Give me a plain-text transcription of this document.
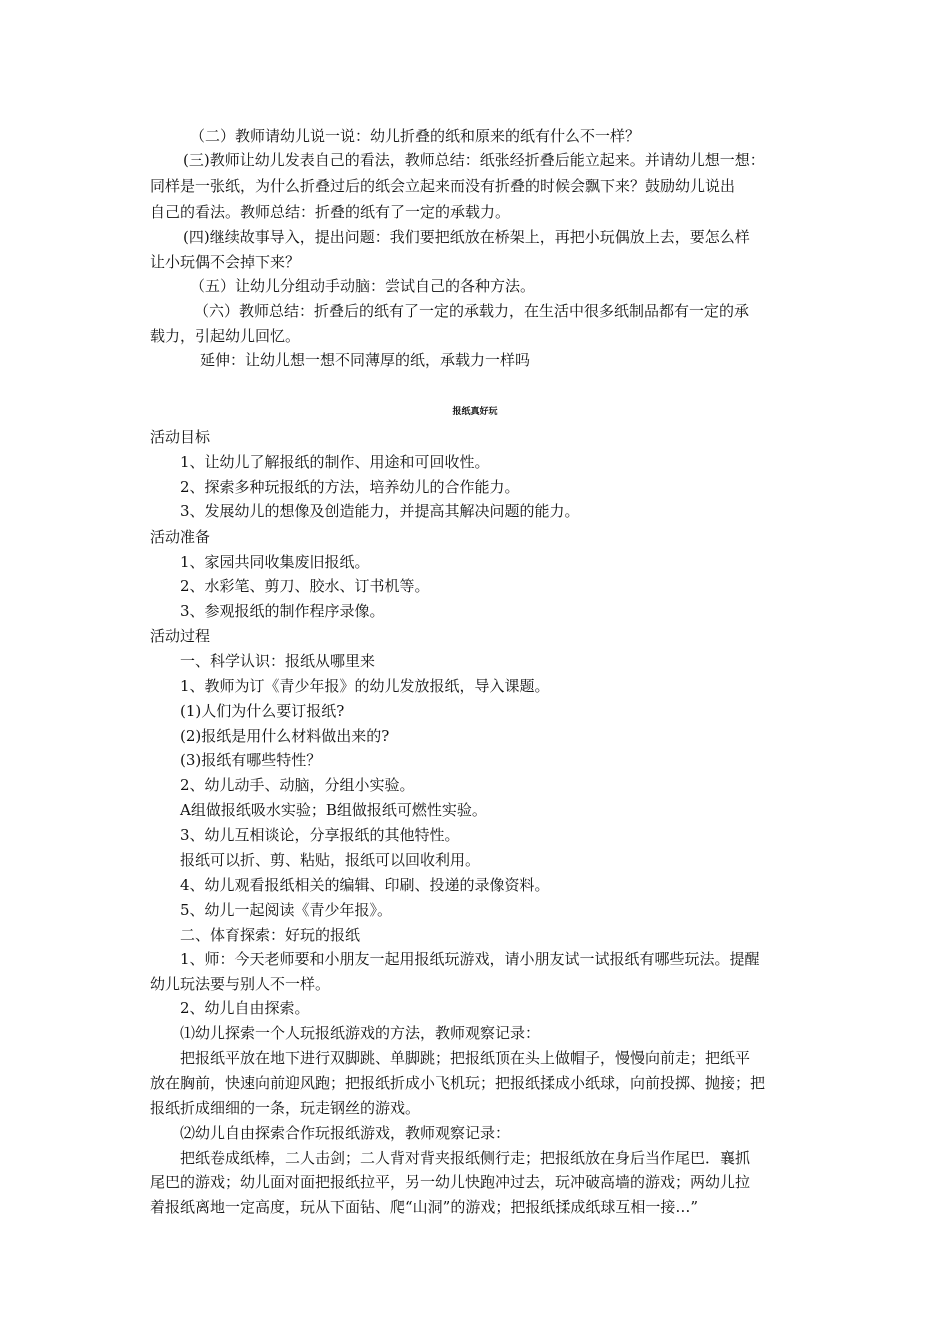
（二）教师请幼儿说一说：幼儿折叠的纸和原来的纸有什么不一样？
(三)教师让幼儿发表自己的看法，教师总结：纸张经折叠后能立起来。并请幼儿想一想：
同样是一张纸，为什么折叠过后的纸会立起来而没有折叠的时候会飘下来？鼓励幼儿说出
自己的看法。教师总结：折叠的纸有了一定的承载力。
(四)继续故事导入，提出问题：我们要把纸放在桥架上，再把小玩偶放上去，要怎么样
让小玩偶不会掉下来？
（五）让幼儿分组动手动脑：尝试自己的各种方法。
（六）教师总结：折叠后的纸有了一定的承载力，在生活中很多纸制品都有一定的承
载力，引起幼儿回忆。
延伸：让幼儿想一想不同薄厚的纸，承载力一样吗
报纸真好玩
活动目标
1、让幼儿了解报纸的制作、用途和可回收性。
2、探索多种玩报纸的方法，培养幼儿的合作能力。
3、发展幼儿的想像及创造能力，并提高其解决问题的能力。
活动准备
1、家园共同收集废旧报纸。
2、水彩笔、剪刀、胶水、订书机等。
3、参观报纸的制作程序录像。
活动过程
一、科学认识：报纸从哪里来
1、教师为订《青少年报》的幼儿发放报纸，导入课题。
(1)人们为什么要订报纸?
(2)报纸是用什么材料做出来的?
(3)报纸有哪些特性？
2、幼儿动手、动脑，分组小实验。
A组做报纸吸水实验；B组做报纸可燃性实验。
3、幼儿互相谈论，分享报纸的其他特性。
报纸可以折、剪、粘贴，报纸可以回收利用。
4、幼儿观看报纸相关的编辑、印刷、投递的录像资料。
5、幼儿一起阅读《青少年报》。
二、体育探索：好玩的报纸
1、师：今天老师要和小朋友一起用报纸玩游戏，请小朋友试一试报纸有哪些玩法。提醒
幼儿玩法要与别人不一样。
2、幼儿自由探索。
⑴幼儿探索一个人玩报纸游戏的方法，教师观察记录：
把报纸平放在地下进行双脚跳、单脚跳；把报纸顶在头上做帽子，慢慢向前走；把纸平
放在胸前，快速向前迎风跑；把报纸折成小飞机玩；把报纸揉成小纸球，向前投掷、抛接；把
报纸折成细细的一条，玩走钢丝的游戏。
⑵幼儿自由探索合作玩报纸游戏，教师观察记录：
把纸卷成纸棒，二人击剑；二人背对背夹报纸侧行走；把报纸放在身后当作尾巴．襄抓
尾巴的游戏；幼儿面对面把报纸拉平，另一幼儿快跑冲过去，玩冲破高墙的游戏；两幼儿拉
着报纸离地一定高度，玩从下面钻、爬“山洞”的游戏；把报纸揉成纸球互相一接…”
